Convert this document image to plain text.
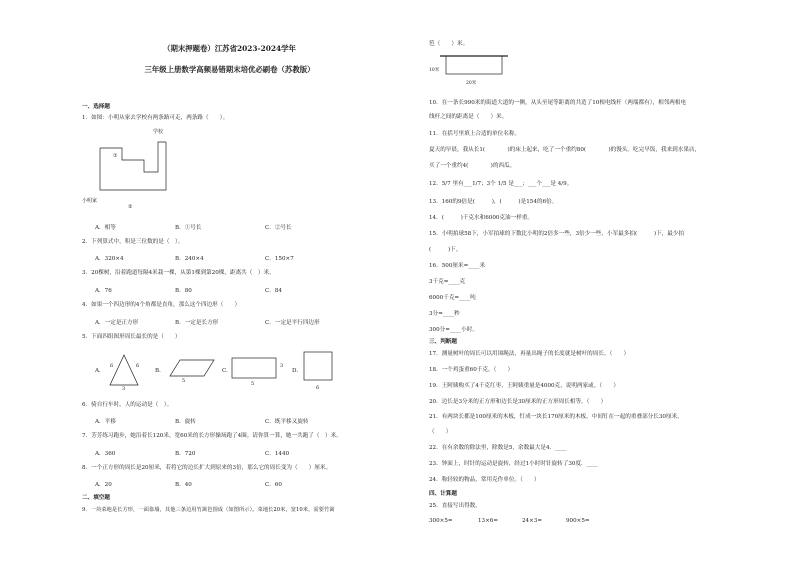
（期末押题卷）江苏省2023-2024学年
三年级上册数学高频易错期末培优必刷卷（苏教版）
一、选择题
1．如图：小明从家去学校有两条路可走，两条路（　　）。
学校
①
小明家
②
A．相等	B．①号长	C．②号长
2．下列算式中，积是三位数的是（　）。
A．320×4	B．240×4	C．150×7
3．20棵树，沿着跑道每隔4米栽一棵，从第1棵到第20棵，距离共（　）米。
A．76	B．80	C．84
4．如果一个四边形的4个角都是直角，那么这个四边形（　　）
A．一定是正方形	B．一定是长方形	C．一定是平行四边形
5．下面四组图形周长最长的是（　　）
A．
6	6
3
B．
5
C．
5
3
D．
6
6．骑自行车时，人的运动是（　）。
A．平移	B．旋转	C．既平移又旋转
7．芳芳练习跑步，她沿着长120米，宽60米的长方形操场跑了4圈。请你算一算，她一共跑了（　）米。
A．360	B．720	C．1440
8．一个正方形的周长是20厘米，若将它的边长扩大到原来的3倍，那么它的周长变为（　　）厘米。
A．20	B．40	C．60
二、填空题
9．一块菜地是长方形，一面靠墙，其他三条边用竹篱笆围成（如图所示）。菜地长20米，宽10米，需要竹篱
笆（　　）米。
10米
20米
10．在一条长990米的街道大道的一侧，从头至尾等距离的共造了10根电线杆（两端都有），相邻两根电
线杆之间的距离是（　　）米。
11．在括号里填上合适的单位名称。
夏天的早晨，我从长1(　　　　)的床上起来，吃了一个重约80(　　　　)的馒头。吃完早饭，我来到水果店，
买了一个重约4(　　　　)的西瓜。
12．5/7 里有___1/7；3个 1/5 是___；___个___是 4/9。
13．160的9倍是(　　　)，(　　　)是154的6倍。
14．(　　　)千克水和6000克油一样重。
15．小明拍球58下，小军拍球的下数比小明的2倍多一些，3倍少一些，小军最多拍(　　　)下，最少拍
(　　　)下。
16．500厘米=____米
3千克=____克
6000千克=____吨
3分=____秒
300分=____小时。
三、判断题
17．测量树叶的周长可以用围绳法，再量出绳子的长度就是树叶的周长。（　　）
18．一个鸡蛋重60千克。（　　）
19．王阿姨购买了4千克红枣，王阿姨重量是4000克，说明两家或。（　　）
20．边长是3分米的正方形和边长是30厘米的正方形周长相等。（　　）
21．有两块长都是100厘米的木板，钉成一块长170厘米的木板，中间钉在一起的重叠部分长30厘米。
（　　）
22．在有余数的除法里，除数是5，余数最大是4．____
23．钟面上，时针的运动是旋转，经过1小时时针旋转了30度．____
24．称轻较的物品，常用克作单位。（　　）
四、计算题
25．直接写出得数。
300×5=	13×6=	24×3=	900×5=
